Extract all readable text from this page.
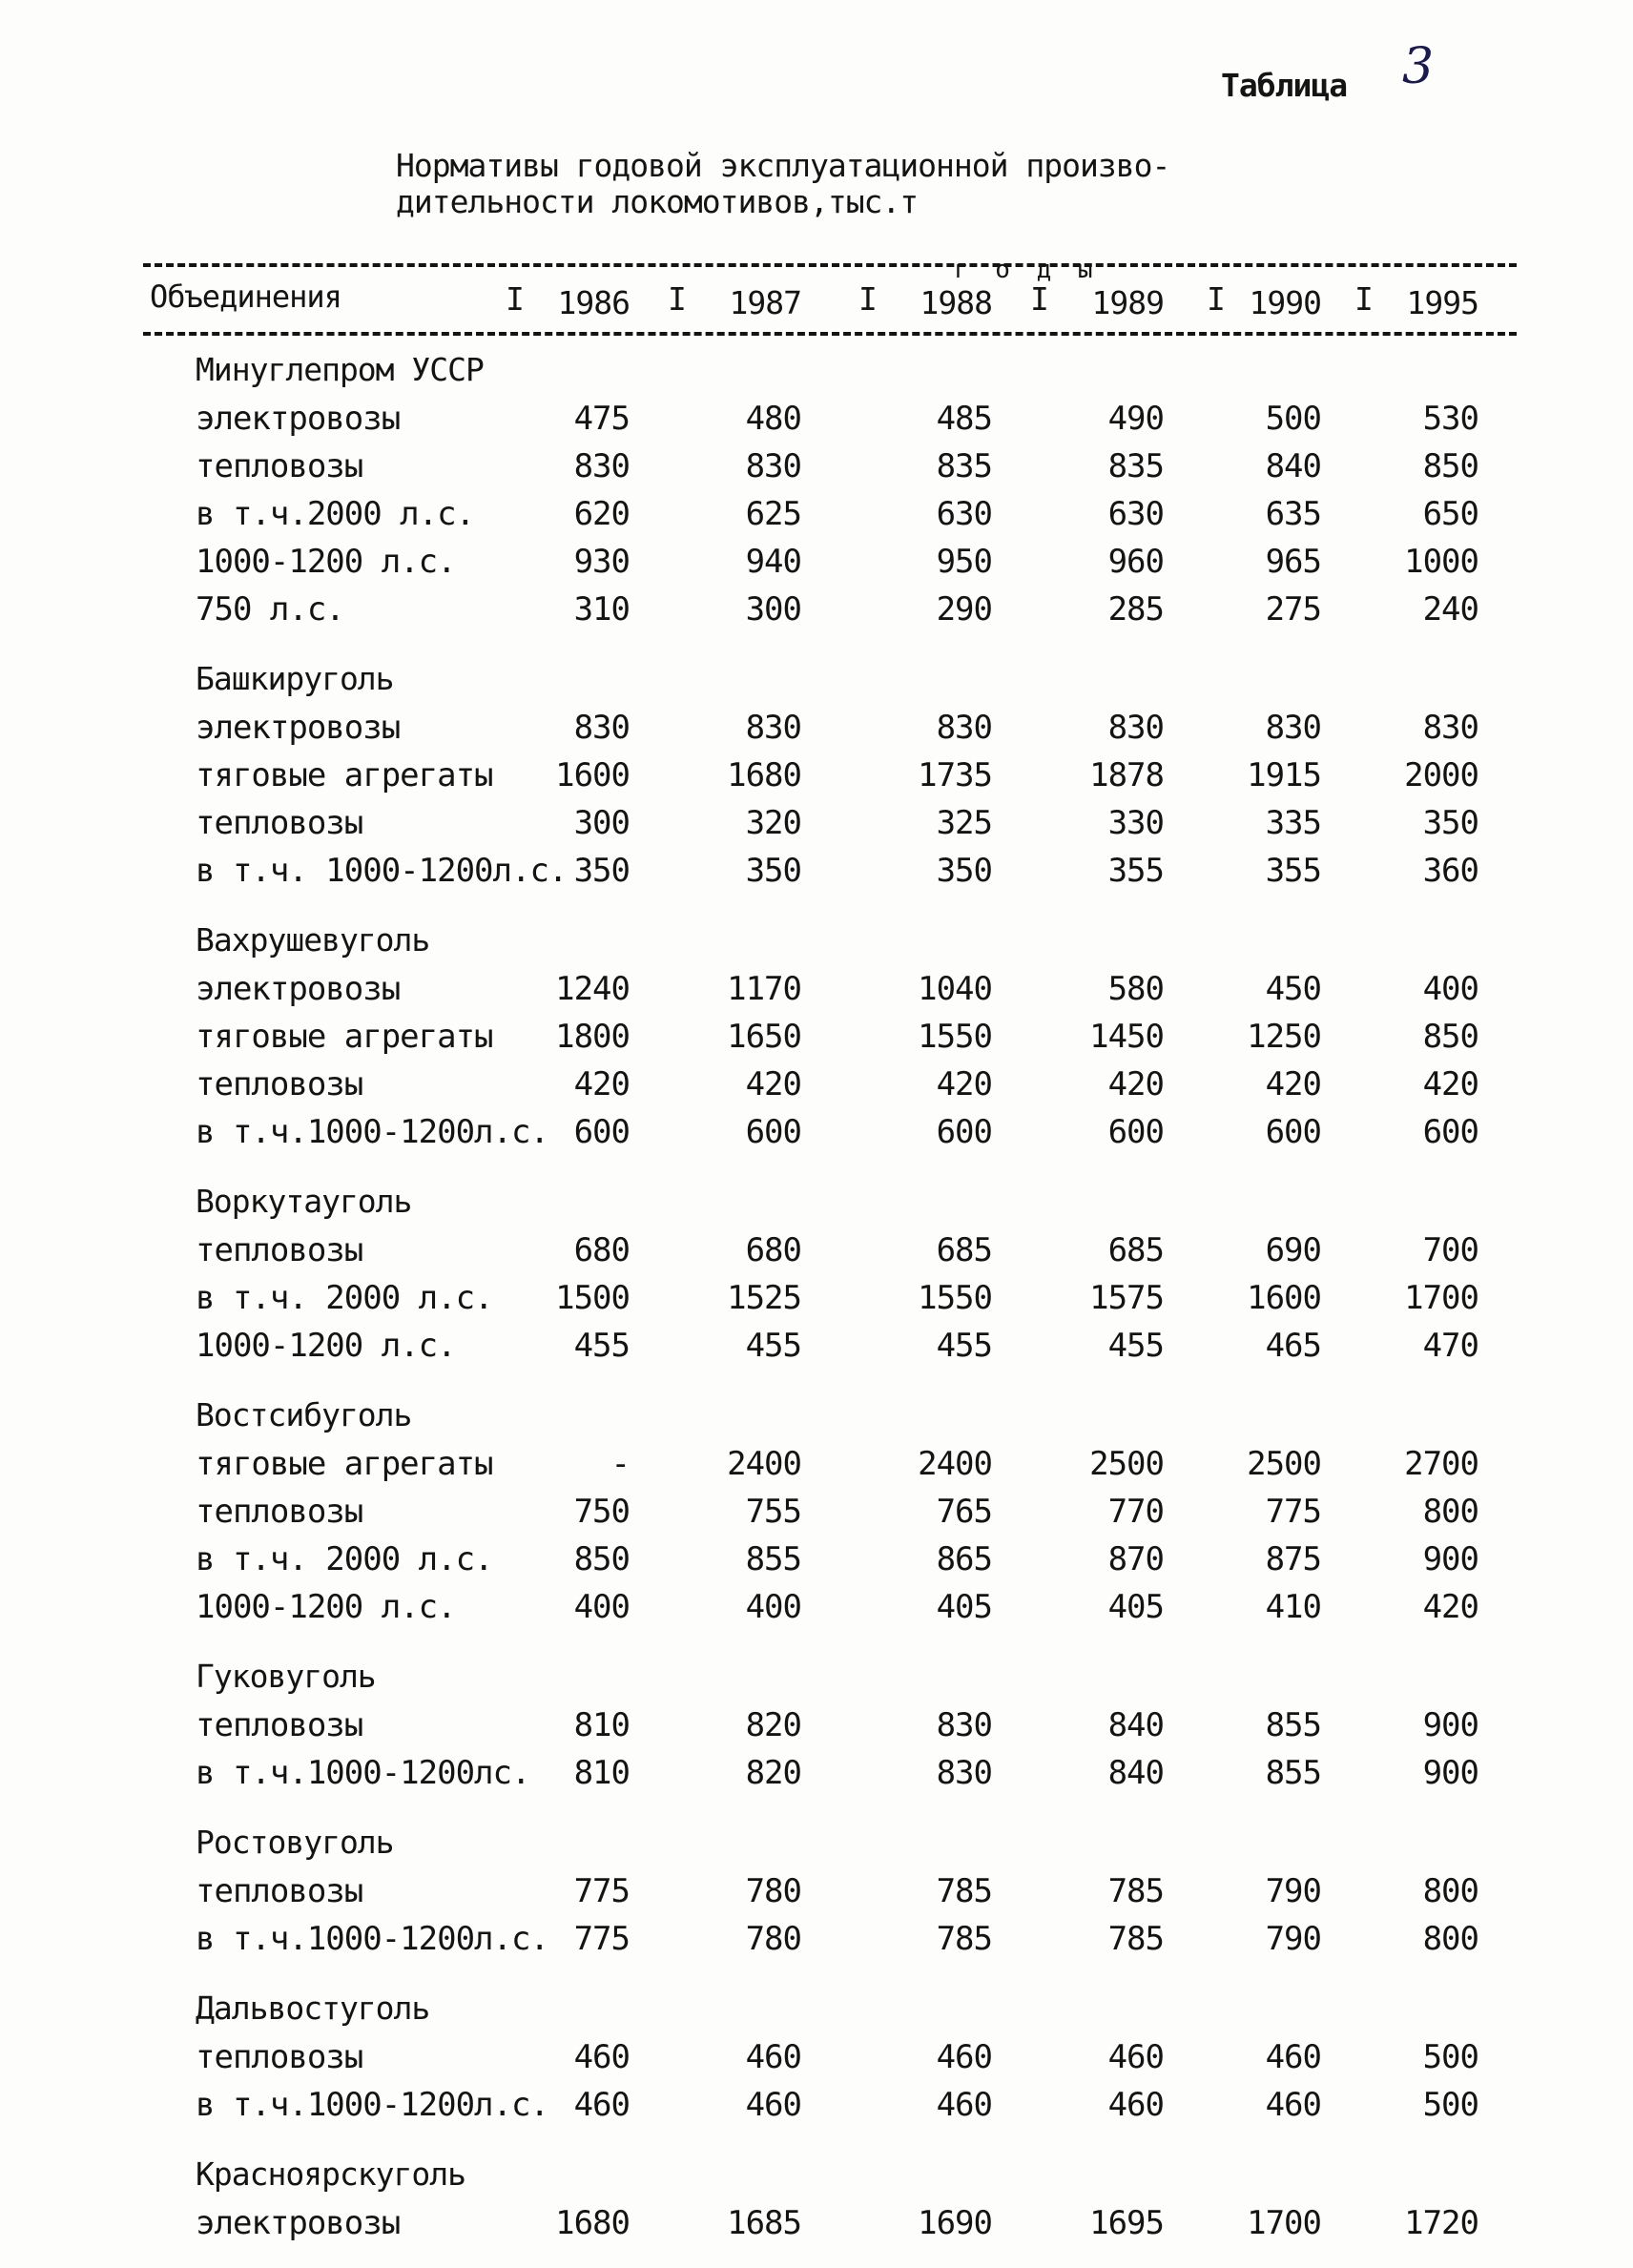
Таблица 3
Нормативы годовой эксплуатационной произво-
дительности локомотивов,тыс.т
Объединения
г о д ы
1986	1987	1988	1989	1990	1995
I	I	I	I	I	I
Минуглепром УССР
электровозы	475	480	485	490	500	530
тепловозы	830	830	835	835	840	850
в т.ч.2000 л.с.	620	625	630	630	635	650
1000-1200 л.с.	930	940	950	960	965	1000
750 л.с.	310	300	290	285	275	240
Башкируголь
электровозы	830	830	830	830	830	830
тяговые агрегаты	1600	1680	1735	1878	1915	2000
тепловозы	300	320	325	330	335	350
в т.ч. 1000-1200л.с. 350	350	350	355	355	360
Вахрушевуголь
электровозы	1240	1170	1040	580	450	400
тяговые агрегаты	1800	1650	1550	1450	1250	850
тепловозы	420	420	420	420	420	420
в т.ч.1000-1200л.с. 600	600	600	600	600	600
Воркутауголь
тепловозы	680	680	685	685	690	700
в т.ч. 2000 л.с.	1500	1525	1550	1575	1600	1700
1000-1200 л.с.	455	455	455	455	465	470
Востсибуголь
тяговые агрегаты	-	2400	2400	2500	2500	2700
тепловозы	750	755	765	770	775	800
в т.ч. 2000 л.с.	850	855	865	870	875	900
1000-1200 л.с.	400	400	405	405	410	420
Гуковуголь
тепловозы	810	820	830	840	855	900
в т.ч.1000-1200лс.	810	820	830	840	855	900
Ростовуголь
тепловозы	775	780	785	785	790	800
в т.ч.1000-1200л.с. 775	780	785	785	790	800
Дальвостуголь
тепловозы	460	460	460	460	460	500
в т.ч.1000-1200л.с. 460	460	460	460	460	500
Красноярскуголь
электровозы	1680	1685	1690	1695	1700	1720
